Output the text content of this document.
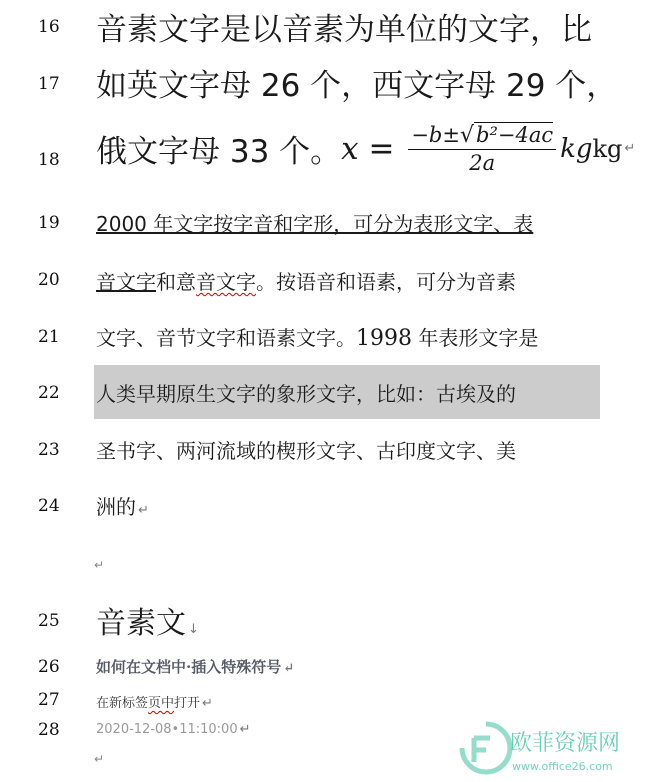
16
17
18
19
20
21
22
23
24
25
26
27
28
音素文字是以音素为单位的文字，比
如英文字母 26 个，西文字母 29 个，
俄文字母 33 个。 $x = \frac{\text{−b±√b²−4ac}}{2a}$ kg kg ↵
2000 年文字按字音和字形，可分为表形文字、表
音文字和意音文字。按语音和语素，可分为音素
文字、音节文字和语素文字。1998 年表形文字是
人类早期原生文字的象形文字，比如：古埃及的
圣书字、两河流域的楔形文字、古印度文字、美
洲的 ↵
↵
音素文 ↓
如何在文档中·插入特殊符号 ↵
在新标签页中打开 ↵
2020-12-08•11:10:00 ↵
↵
欧菲资源网
www.office26.com
